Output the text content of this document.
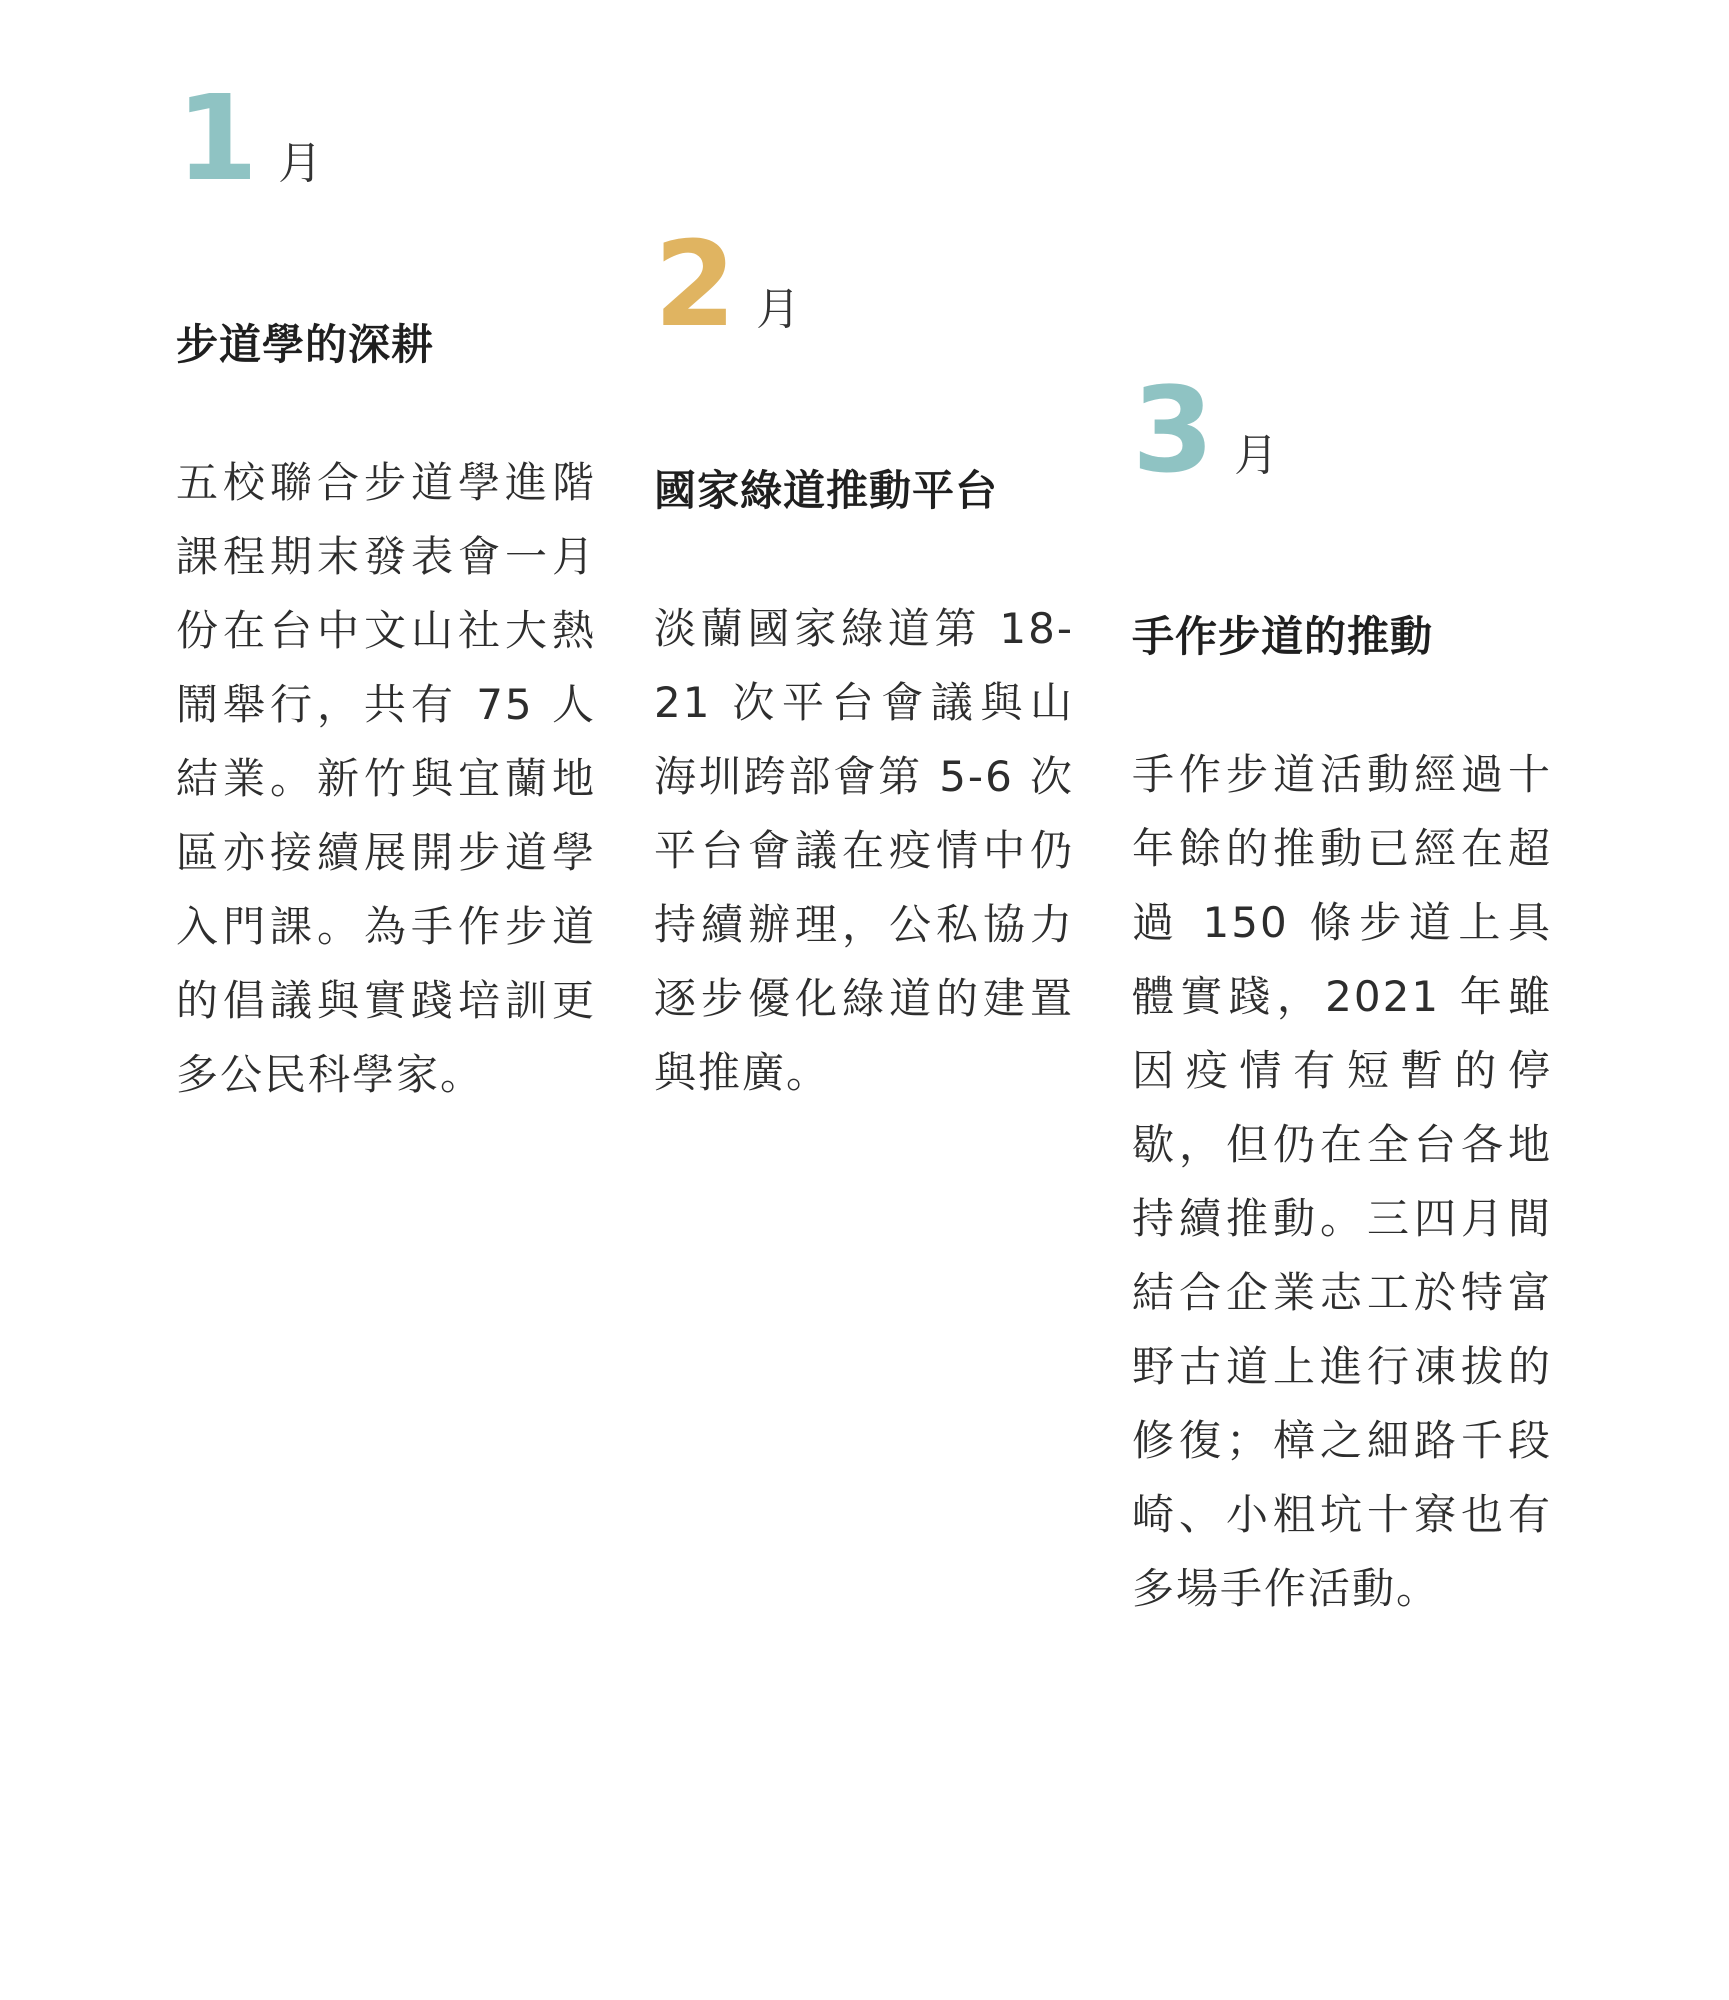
1 月
步道學的深耕
五校聯合步道學進階課程期末發表會一月份在台中文山社大熱鬧舉行，共有 75 人結業。新竹與宜蘭地區亦接續展開步道學入門課。為手作步道的倡議與實踐培訓更多公民科學家。
2 月
國家綠道推動平台
淡蘭國家綠道第 18-21 次平台會議與山海圳跨部會第 5-6 次平台會議在疫情中仍持續辦理，公私協力逐步優化綠道的建置與推廣。
3 月
手作步道的推動
手作步道活動經過十年餘的推動已經在超過 150 條步道上具體實踐，2021 年雖因疫情有短暫的停歇，但仍在全台各地持續推動。三四月間結合企業志工於特富野古道上進行凍拔的修復；樟之細路千段崎、小粗坑十寮也有多場手作活動。
